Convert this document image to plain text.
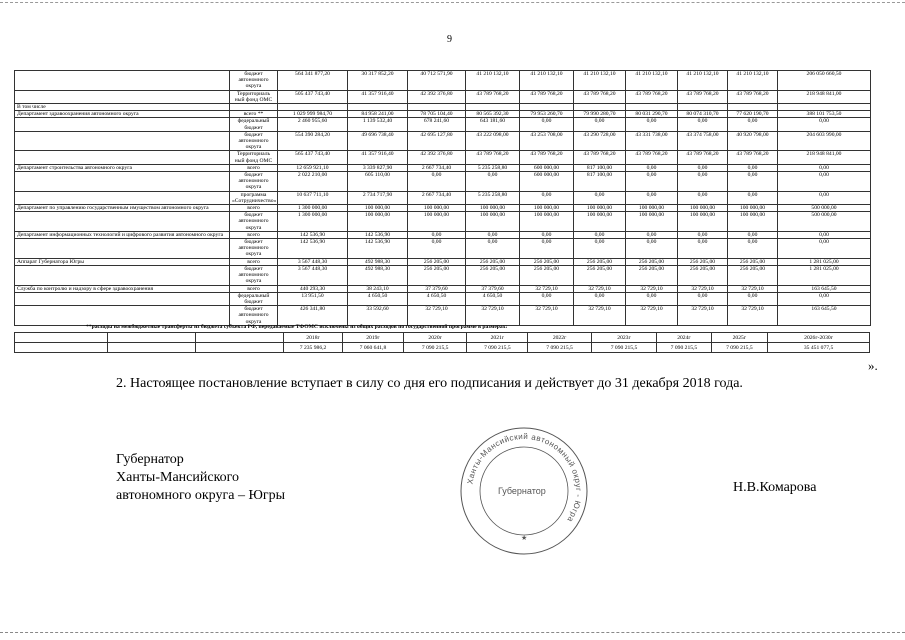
9
	бюджет автономного округа	564 341 877,20	30 317 852,20	40 712 571,90	41 210 132,10	41 210 132,10	41 210 132,10	41 210 132,10	41 210 132,10	41 210 132,10	206 050 660,50
	Территориаль ный фонд ОМС	505 437 743,40	41 357 916,40	42 392 376,80	43 789 768,20	43 789 768,20	43 789 768,20	43 789 768,20	43 789 768,20	43 789 768,20	218 948 841,00
В том числе											
Департамент здравоохранения автономного округа	всего **	1 029 999 984,70	84 958 241,00	78 705 104,40	80 565 392,30	79 953 260,70	79 990 280,70	80 031 290,70	80 074 310,70	77 620 190,70	388 101 753,50
	федеральный бюджет	2 460 955,60	1 139 532,40	678 241,60	643 181,60	0,00	0,00	0,00	0,00	0,00	0,00
	бюджет автономного округа	554 390 284,20	49 696 738,40	42 695 127,80	43 222 098,00	43 253 708,00	43 290 728,00	43 331 738,00	43 374 758,00	40 920 798,00	204 603 990,00
	Территориаль ный фонд ОМС	565 437 743,40	41 357 916,40	42 392 376,80	43 789 768,20	43 789 768,20	43 789 768,20	43 789 768,20	43 789 768,20	43 789 768,20	218 948 841,00
Департамент строительства автономного округа	всего	12 659 921,10	3 339 827,90	2 667 734,40	5 235 258,80	600 000,00	817 100,00	0,00	0,00	0,00	0,00
	бюджет автономного округа	2 022 210,00	605 110,00	0,00	0,00	600 000,00	817 100,00	0,00	0,00	0,00	0,00
	программа «Сотрудничество»	10 637 711,10	2 734 717,90	2 667 734,40	5 235 258,80	0,00	0,00	0,00	0,00	0,00	0,00
Департамент по управлению государственным имуществом автономного округа	всего	1 300 000,00	100 000,00	100 000,00	100 000,00	100 000,00	100 000,00	100 000,00	100 000,00	100 000,00	500 000,00
	бюджет автономного округа	1 300 000,00	100 000,00	100 000,00	100 000,00	100 000,00	100 000,00	100 000,00	100 000,00	100 000,00	500 000,00
Департамент информационных технологий и цифрового развития автономного округа	всего	142 536,90	142 536,90	0,00	0,00	0,00	0,00	0,00	0,00	0,00	0,00
	бюджет автономного округа	142 536,90	142 536,90	0,00	0,00	0,00	0,00	0,00	0,00	0,00	0,00
Аппарат Губернатора Югры	всего	3 567 448,30	492 988,30	256 205,00	256 205,00	256 205,00	256 205,00	256 205,00	256 205,00	256 205,00	1 281 025,00
	бюджет автономного округа	3 567 448,30	492 988,30	256 205,00	256 205,00	256 205,00	256 205,00	256 205,00	256 205,00	256 205,00	1 281 025,00
Служба по контролю и надзору в сфере здравоохранения	всего	440 293,30	38 243,10	37 379,60	37 379,60	32 729,10	32 729,10	32 729,10	32 729,10	32 729,10	163 645,50
	федеральный бюджет	13 951,50	4 650,50	4 650,50	4 650,50	0,00	0,00	0,00	0,00	0,00	0,00
	бюджет автономного округа	426 341,80	33 592,60	32 729,10	32 729,10	32 729,10	32 729,10	32 729,10	32 729,10	32 729,10	163 645,50
**расходы на межбюджетные трансферты из бюджета субъекта РФ, передаваемые ТФОМС исключены из общих расходов по государственной программе в размерах:
			2018г	2019г	2020г	2021г	2022г	2023г	2024г	2025г	2026г-2030г
			7 235 986,2	7 060 641,8	7 090 215,5	7 090 215,5	7 090 215,5	7 090 215,5	7 090 215,5	7 090 215,5	35 451 077,5
».
2. Настоящее постановление вступает в силу со дня его подписания и действует до 31 декабря 2018 года.
Губернатор
Ханты-Мансийского
автономного округа – Югры
Ханты-Мансийский автономный округ - Югра
Губернатор
★
Н.В.Комарова
